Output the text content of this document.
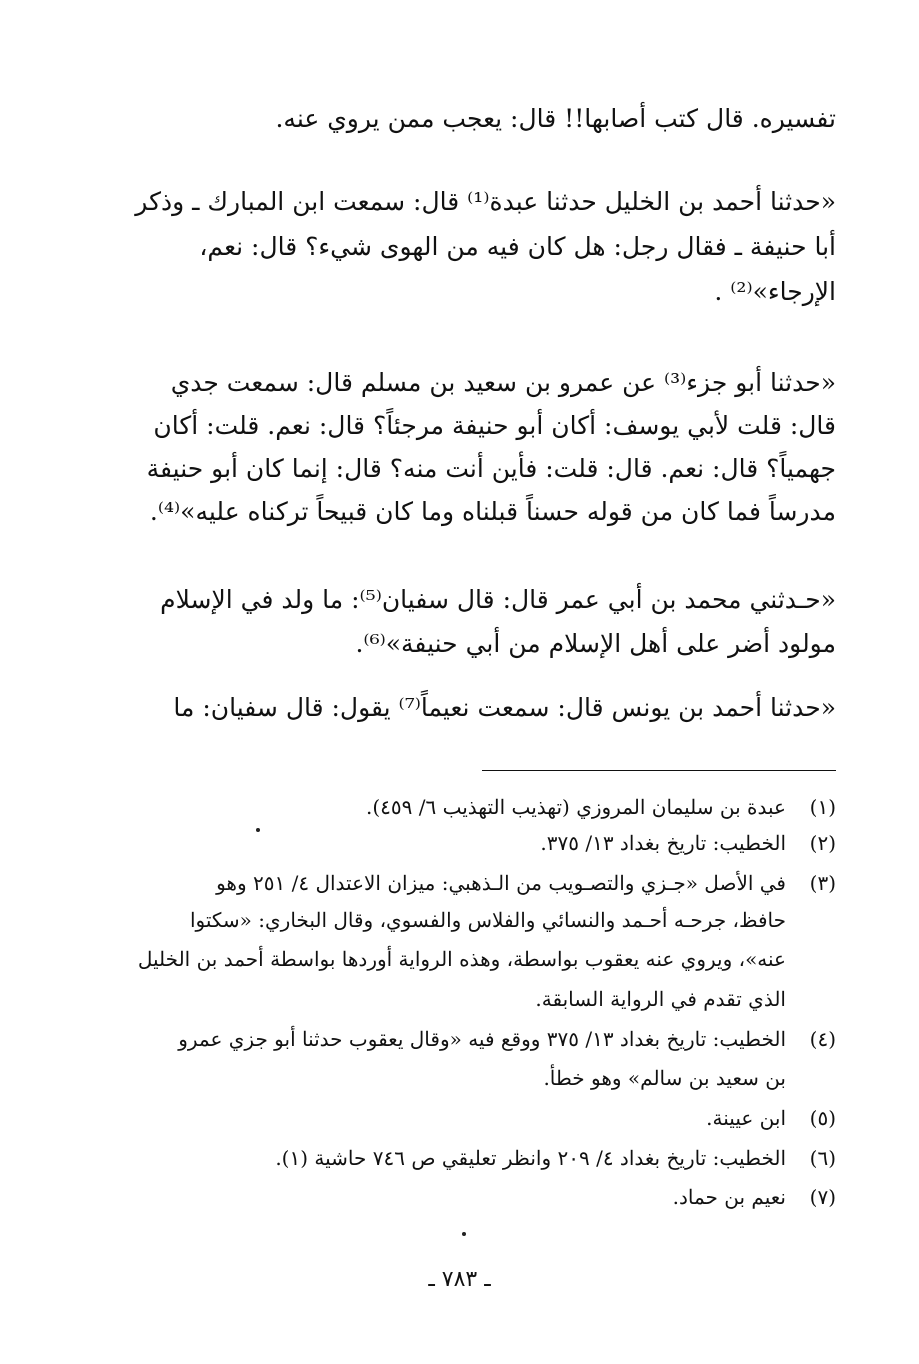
تفسيره. قال كتب أصابها!! قال: يعجب ممن يروي عنه.
«حدثنا أحمد بن الخليل حدثنا عبدة⁽¹⁾ قال: سمعت ابن المبارك ـ وذكر
أبا حنيفة ـ فقال رجل: هل كان فيه من الهوى شيء؟ قال: نعم،
الإرجاء»⁽²⁾ .
«حدثنا أبو جزء⁽³⁾ عن عمرو بن سعيد بن مسلم قال: سمعت جدي
قال: قلت لأبي يوسف: أكان أبو حنيفة مرجئاً؟ قال: نعم. قلت: أكان
جهمياً؟ قال: نعم. قال: قلت: فأين أنت منه؟ قال: إنما كان أبو حنيفة
مدرساً فما كان من قوله حسناً قبلناه وما كان قبيحاً تركناه عليه»⁽⁴⁾.
«حـدثني محمد بن أبي عمر قال: قال سفيان⁽⁵⁾: ما ولد في الإسلام
مولود أضر على أهل الإسلام من أبي حنيفة»⁽⁶⁾.
«حدثنا أحمد بن يونس قال: سمعت نعيماً⁽⁷⁾ يقول: قال سفيان: ما
(١)عبدة بن سليمان المروزي (تهذيب التهذيب ٦/ ٤٥٩).
(٢)الخطيب: تاريخ بغداد ١٣/ ٣٧٥.
(٣)في الأصل «جـزي والتصـويب من الـذهبي: ميزان الاعتدال ٤/ ٢٥١ وهو
حافظ، جرحـه أحـمد والنسائي والفلاس والفسوي، وقال البخاري: «سكتوا
عنه»، ويروي عنه يعقوب بواسطة، وهذه الرواية أوردها بواسطة أحمد بن الخليل
الذي تقدم في الرواية السابقة.
(٤)الخطيب: تاريخ بغداد ١٣/ ٣٧٥ ووقع فيه «وقال يعقوب حدثنا أبو جزي عمرو
بن سعيد بن سالم» وهو خطأ.
(٥)ابن عيينة.
(٦)الخطيب: تاريخ بغداد ٤/ ٢٠٩ وانظر تعليقي ص ٧٤٦ حاشية (١).
(٧)نعيم بن حماد.
ـ ٧٨٣ ـ
